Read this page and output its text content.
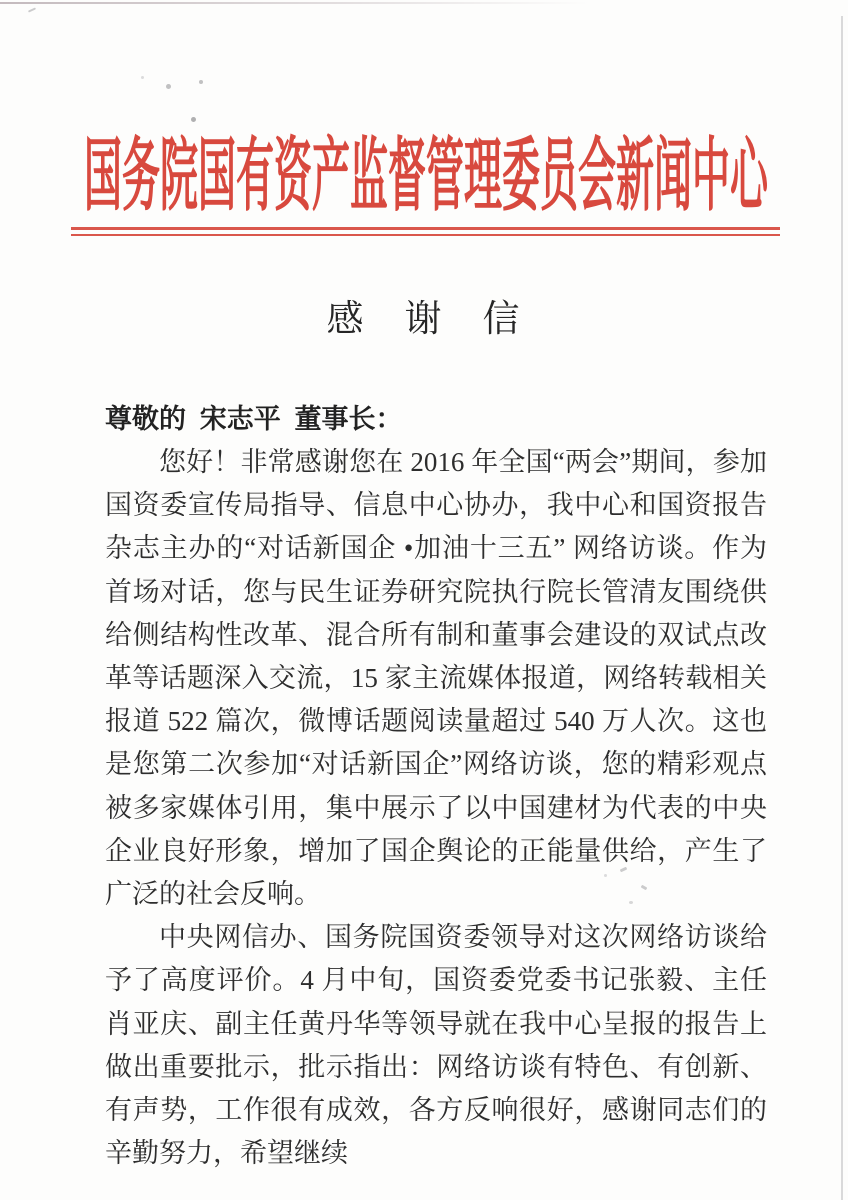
国务院国有资产监督管理委员会新闻中心
感　谢　信
尊敬的 宋志平 董事长：

您好！非常感谢您在 2016 年全国“两会”期间，参加国资委宣传局指导、信息中心协办，我中心和国资报告杂志主办的“对话新国企 •加油十三五” 网络访谈。作为首场对话，您与民生证券研究院执行院长管清友围绕供给侧结构性改革、混合所有制和董事会建设的双试点改革等话题深入交流，15 家主流媒体报道，网络转载相关报道 522 篇次，微博话题阅读量超过 540 万人次。这也是您第二次参加“对话新国企”网络访谈，您的精彩观点被多家媒体引用，集中展示了以中国建材为代表的中央企业良好形象，增加了国企舆论的正能量供给，产生了广泛的社会反响。

中央网信办、国务院国资委领导对这次网络访谈给予了高度评价。4 月中旬，国资委党委书记张毅、主任肖亚庆、副主任黄丹华等领导就在我中心呈报的报告上做出重要批示，批示指出：网络访谈有特色、有创新、有声势，工作很有成效，各方反响很好，感谢同志们的辛勤努力，希望继续
